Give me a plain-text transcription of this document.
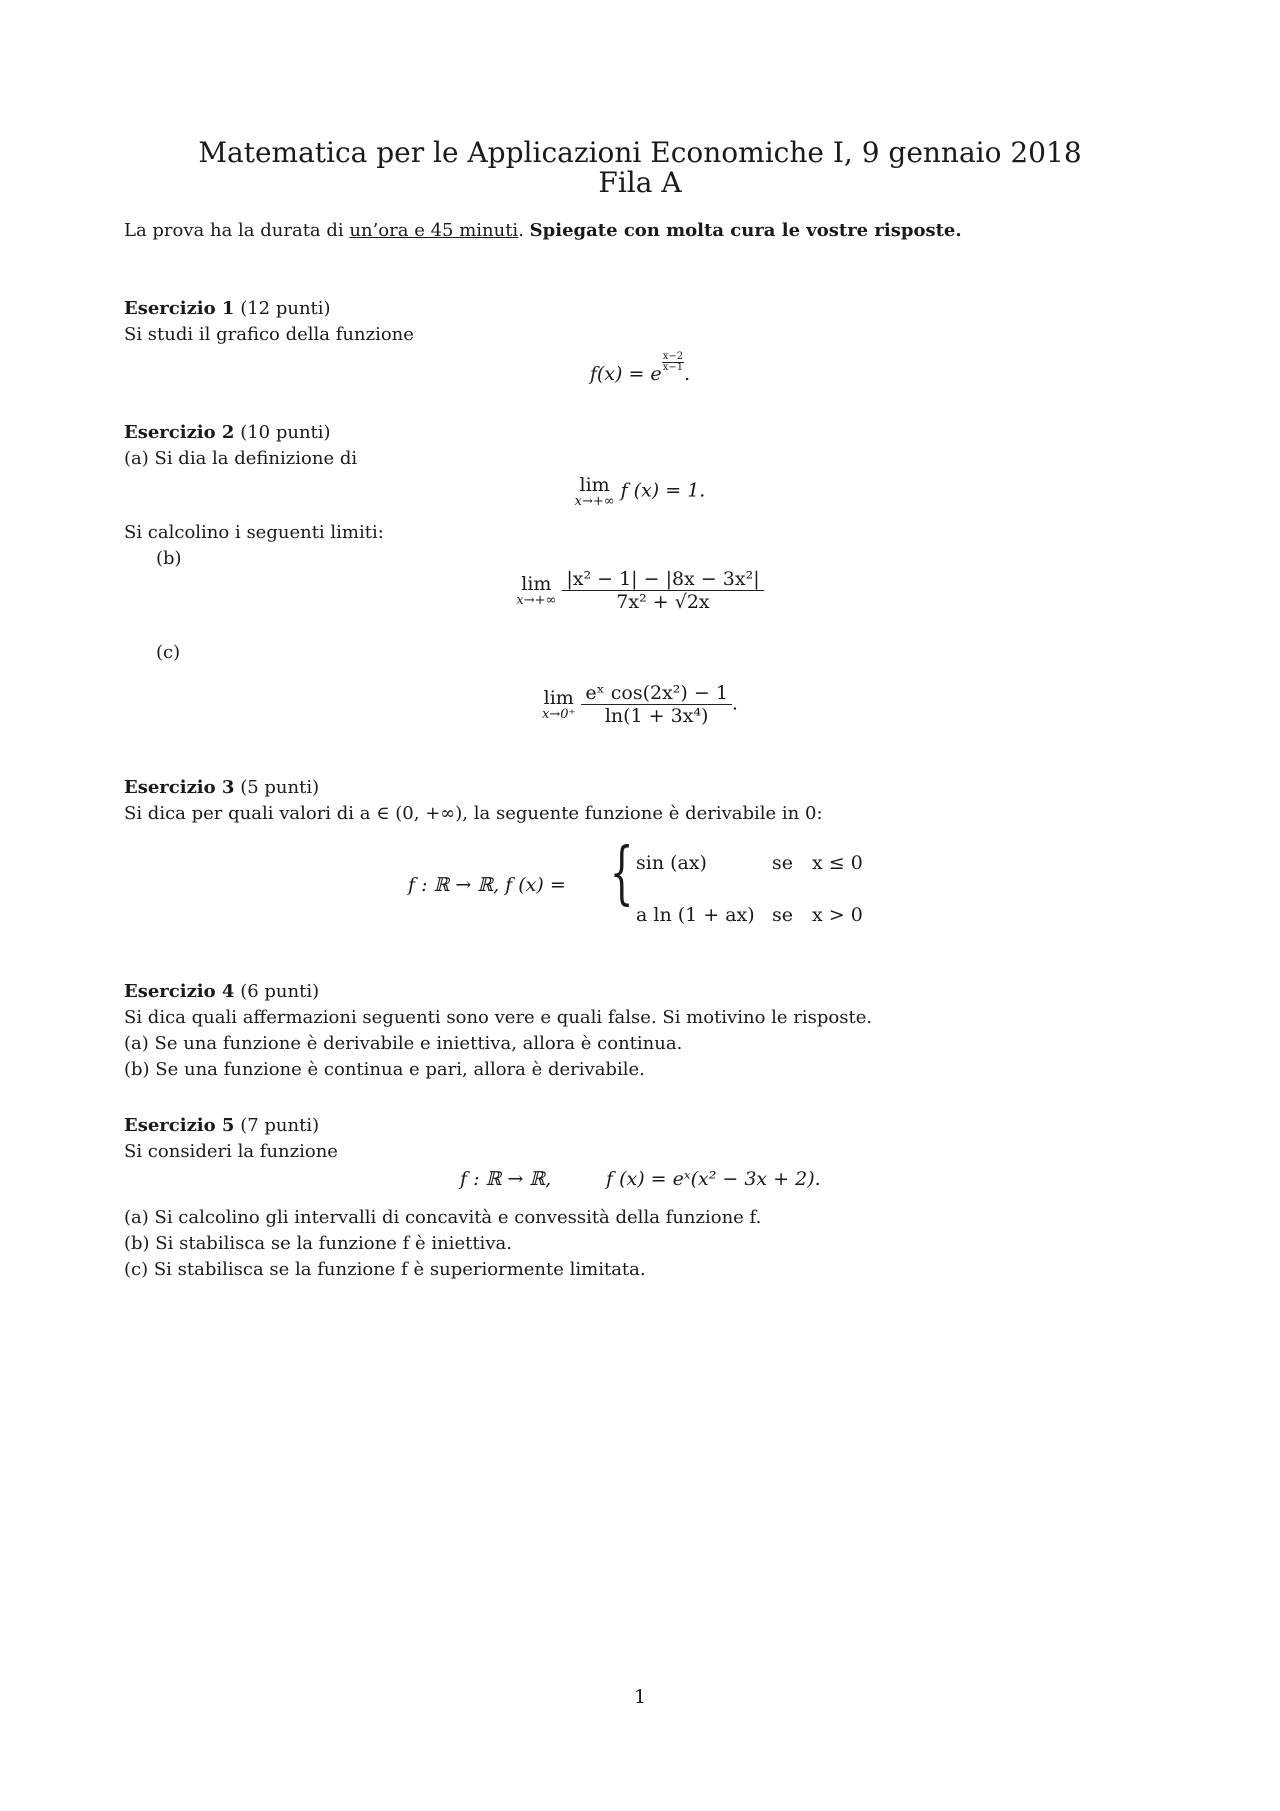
Matematica per le Applicazioni Economiche I, 9 gennaio 2018
Fila A
La prova ha la durata di un’ora e 45 minuti. Spiegate con molta cura le vostre risposte.
Esercizio 1 (12 punti)
Si studi il grafico della funzione
f(x) = e
$\frac{x-2}{x-1}$
.
Esercizio 2 (10 punti)
(a) Si dia la definizione di
lim
x→+∞ f (x) = 1.
Si calcolino i seguenti limiti:
(b)
lim
$x\to+\infty \frac{\text{|x² − 1| − |8x − 3x²|}}{\text{7x² + √2x}}$
(c)
lim
$x\to 0^+ \frac{\text{eˣ cos(2x²) − 1}}{\text{ln(1 + 3x⁴)}}$ .
Esercizio 3 (5 punti)
Si dica per quali valori di a ∈ (0, +∞), la seguente funzione è derivabile in 0:
f : ℝ → ℝ, f (x) = { sin (ax)	se x ≤ 0
a ln (1 + ax) se x > 0
Esercizio 4 (6 punti)
Si dica quali affermazioni seguenti sono vere e quali false. Si motivino le risposte.
(a) Se una funzione è derivabile e iniettiva, allora è continua.
(b) Se una funzione è continua e pari, allora è derivabile.
Esercizio 5 (7 punti)
Si consideri la funzione
f : ℝ → ℝ,	f (x) = eˣ(x² − 3x + 2).
(a) Si calcolino gli intervalli di concavità e convessità della funzione f.
(b) Si stabilisca se la funzione f è iniettiva.
(c) Si stabilisca se la funzione f è superiormente limitata.
1
